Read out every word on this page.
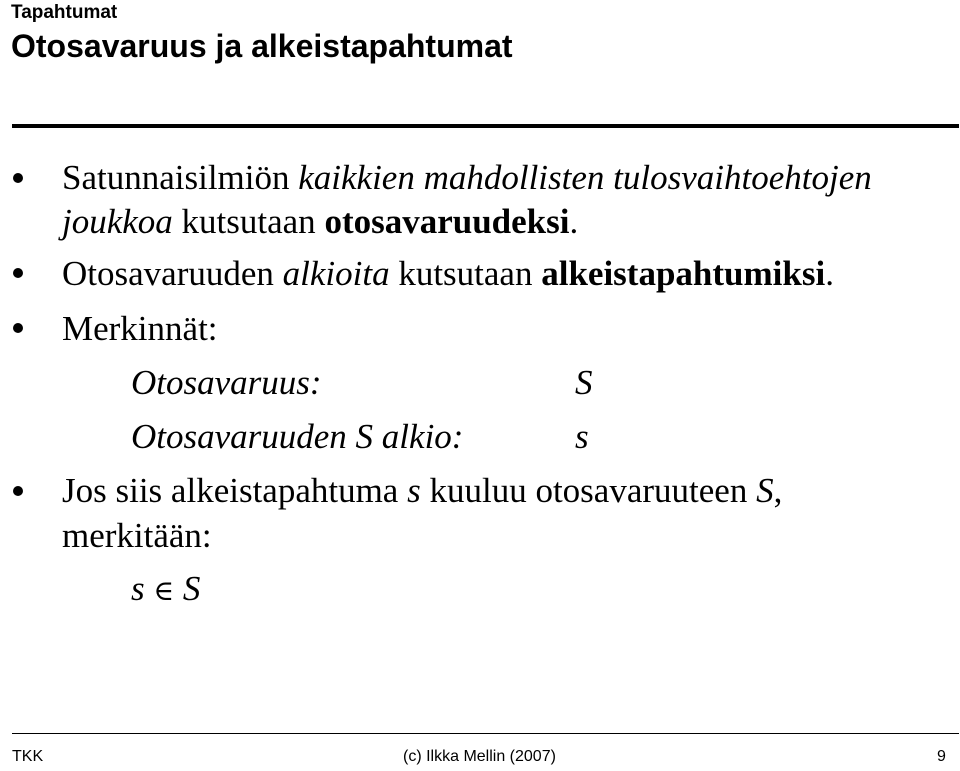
Tapahtumat
Otosavaruus ja alkeistapahtumat
Satunnaisilmiön kaikkien mahdollisten tulosvaihtoehtojen
joukkoa kutsutaan otosavaruudeksi.
Otosavaruuden alkioita kutsutaan alkeistapahtumiksi.
Merkinnät:
Otosavaruus:	S
Otosavaruuden S alkio:	s
Jos siis alkeistapahtuma s kuuluu otosavaruuteen S,
merkitään:
s ∈ S
TKK	(c) Ilkka Mellin (2007)	9
